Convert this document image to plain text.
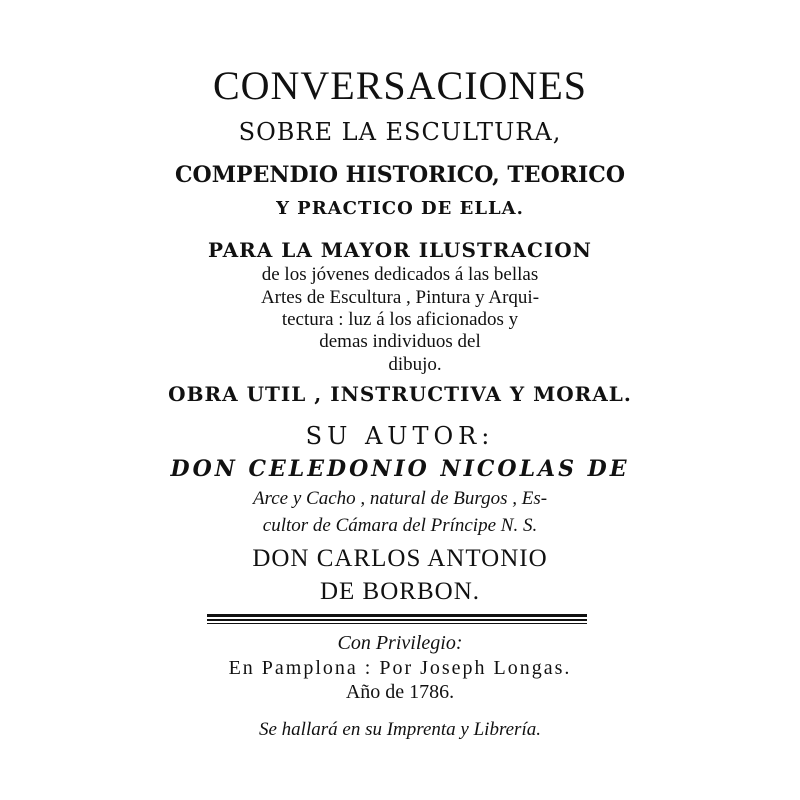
CONVERSACIONES
SOBRE LA ESCULTURA,
COMPENDIO HISTORICO, TEORICO
Y PRACTICO DE ELLA.
PARA LA MAYOR ILUSTRACION
de los jóvenes dedicados á las bellas
Artes de Escultura , Pintura y Arqui-
tectura : luz á los aficionados y
demas individuos del
dibujo.
OBRA UTIL , INSTRUCTIVA Y MORAL.
SU AUTOR:
DON CELEDONIO NICOLAS DE
Arce y Cacho , natural de Burgos , Es-
cultor de Cámara del Príncipe N. S.
DON CARLOS ANTONIO
DE BORBON.
Con Privilegio:
En Pamplona : Por Joseph Longas.
Año de 1786.
Se hallará en su Imprenta y Librería.
